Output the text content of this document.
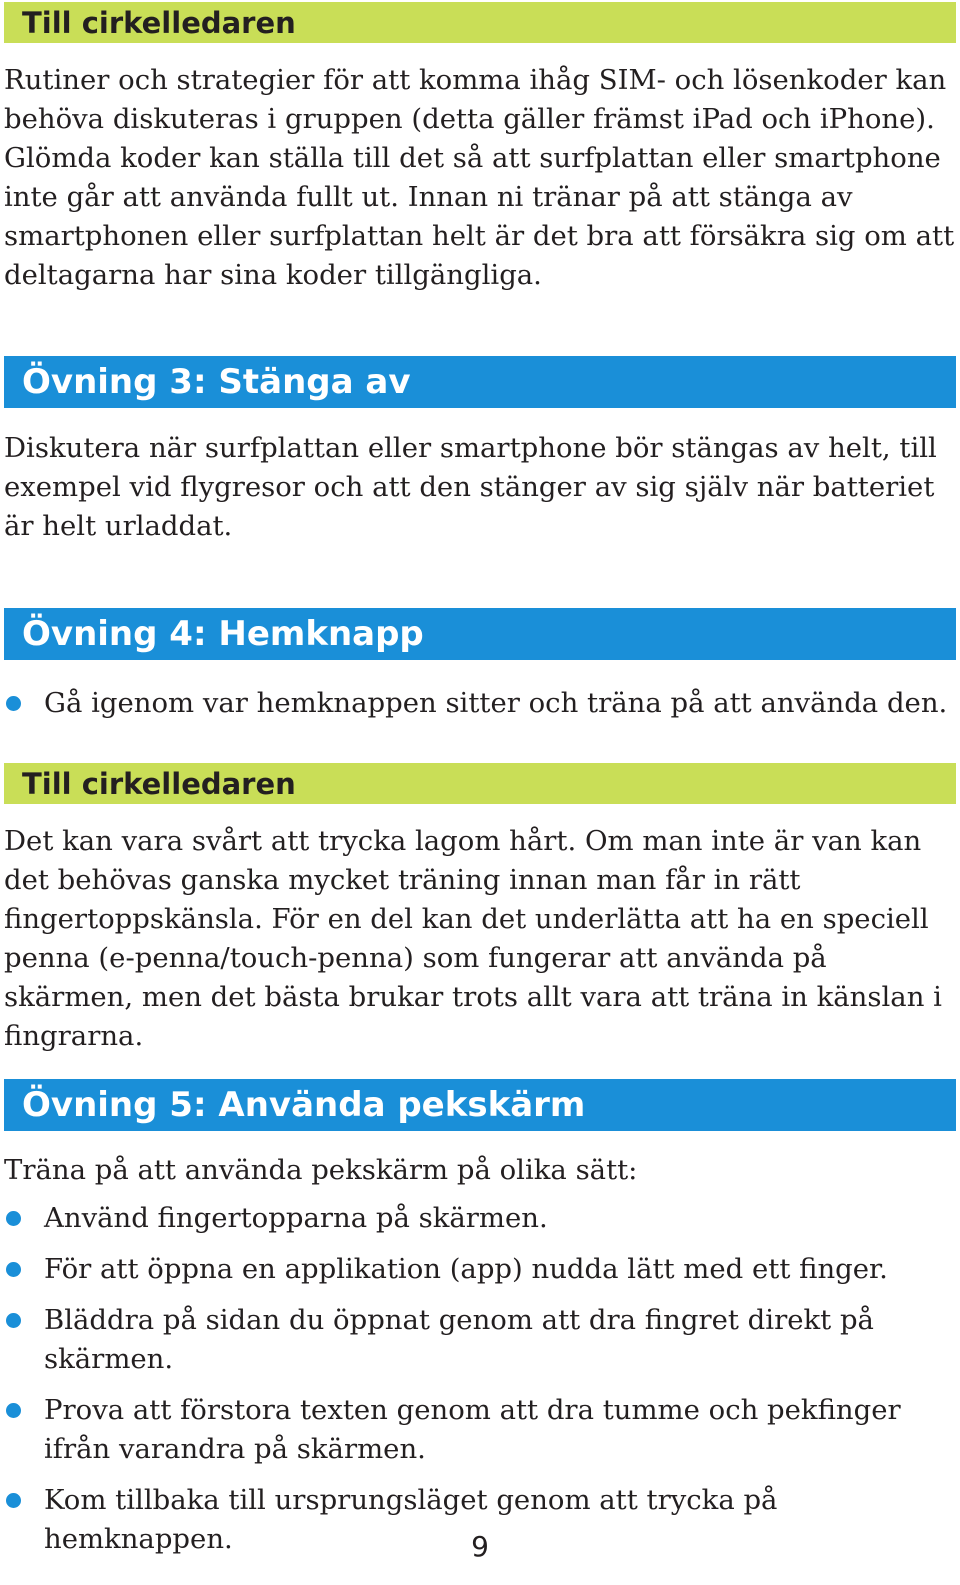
Till cirkelledaren

Rutiner och strategier för att komma ihåg SIM- och lösenkoder kan behöva diskuteras i gruppen (detta gäller främst iPad och iPhone). Glömda koder kan ställa till det så att surfplattan eller smartphone inte går att använda fullt ut. Innan ni tränar på att stänga av smartphonen eller surfplattan helt är det bra att försäkra sig om att deltagarna har sina koder tillgängliga.

Övning 3: Stänga av

Diskutera när surfplattan eller smartphone bör stängas av helt, till exempel vid flygresor och att den stänger av sig själv när batteriet är helt urladdat.

Övning 4: Hemknapp
Gå igenom var hemknappen sitter och träna på att använda den.
Till cirkelledaren

Det kan vara svårt att trycka lagom hårt. Om man inte är van kan det behövas ganska mycket träning innan man får in rätt fingertoppskänsla. För en del kan det underlätta att ha en speciell penna (e-penna/touch-penna) som fungerar att använda på skärmen, men det bästa brukar trots allt vara att träna in känslan i fingrarna.

Övning 5: Använda pekskärm

Träna på att använda pekskärm på olika sätt:

Använd fingertopparna på skärmen.
För att öppna en applikation (app) nudda lätt med ett finger.
Bläddra på sidan du öppnat genom att dra fingret direkt på skärmen.
Prova att förstora texten genom att dra tumme och pekfinger ifrån varandra på skärmen.
Kom tillbaka till ursprungsläget genom att trycka på hemknappen.	9
